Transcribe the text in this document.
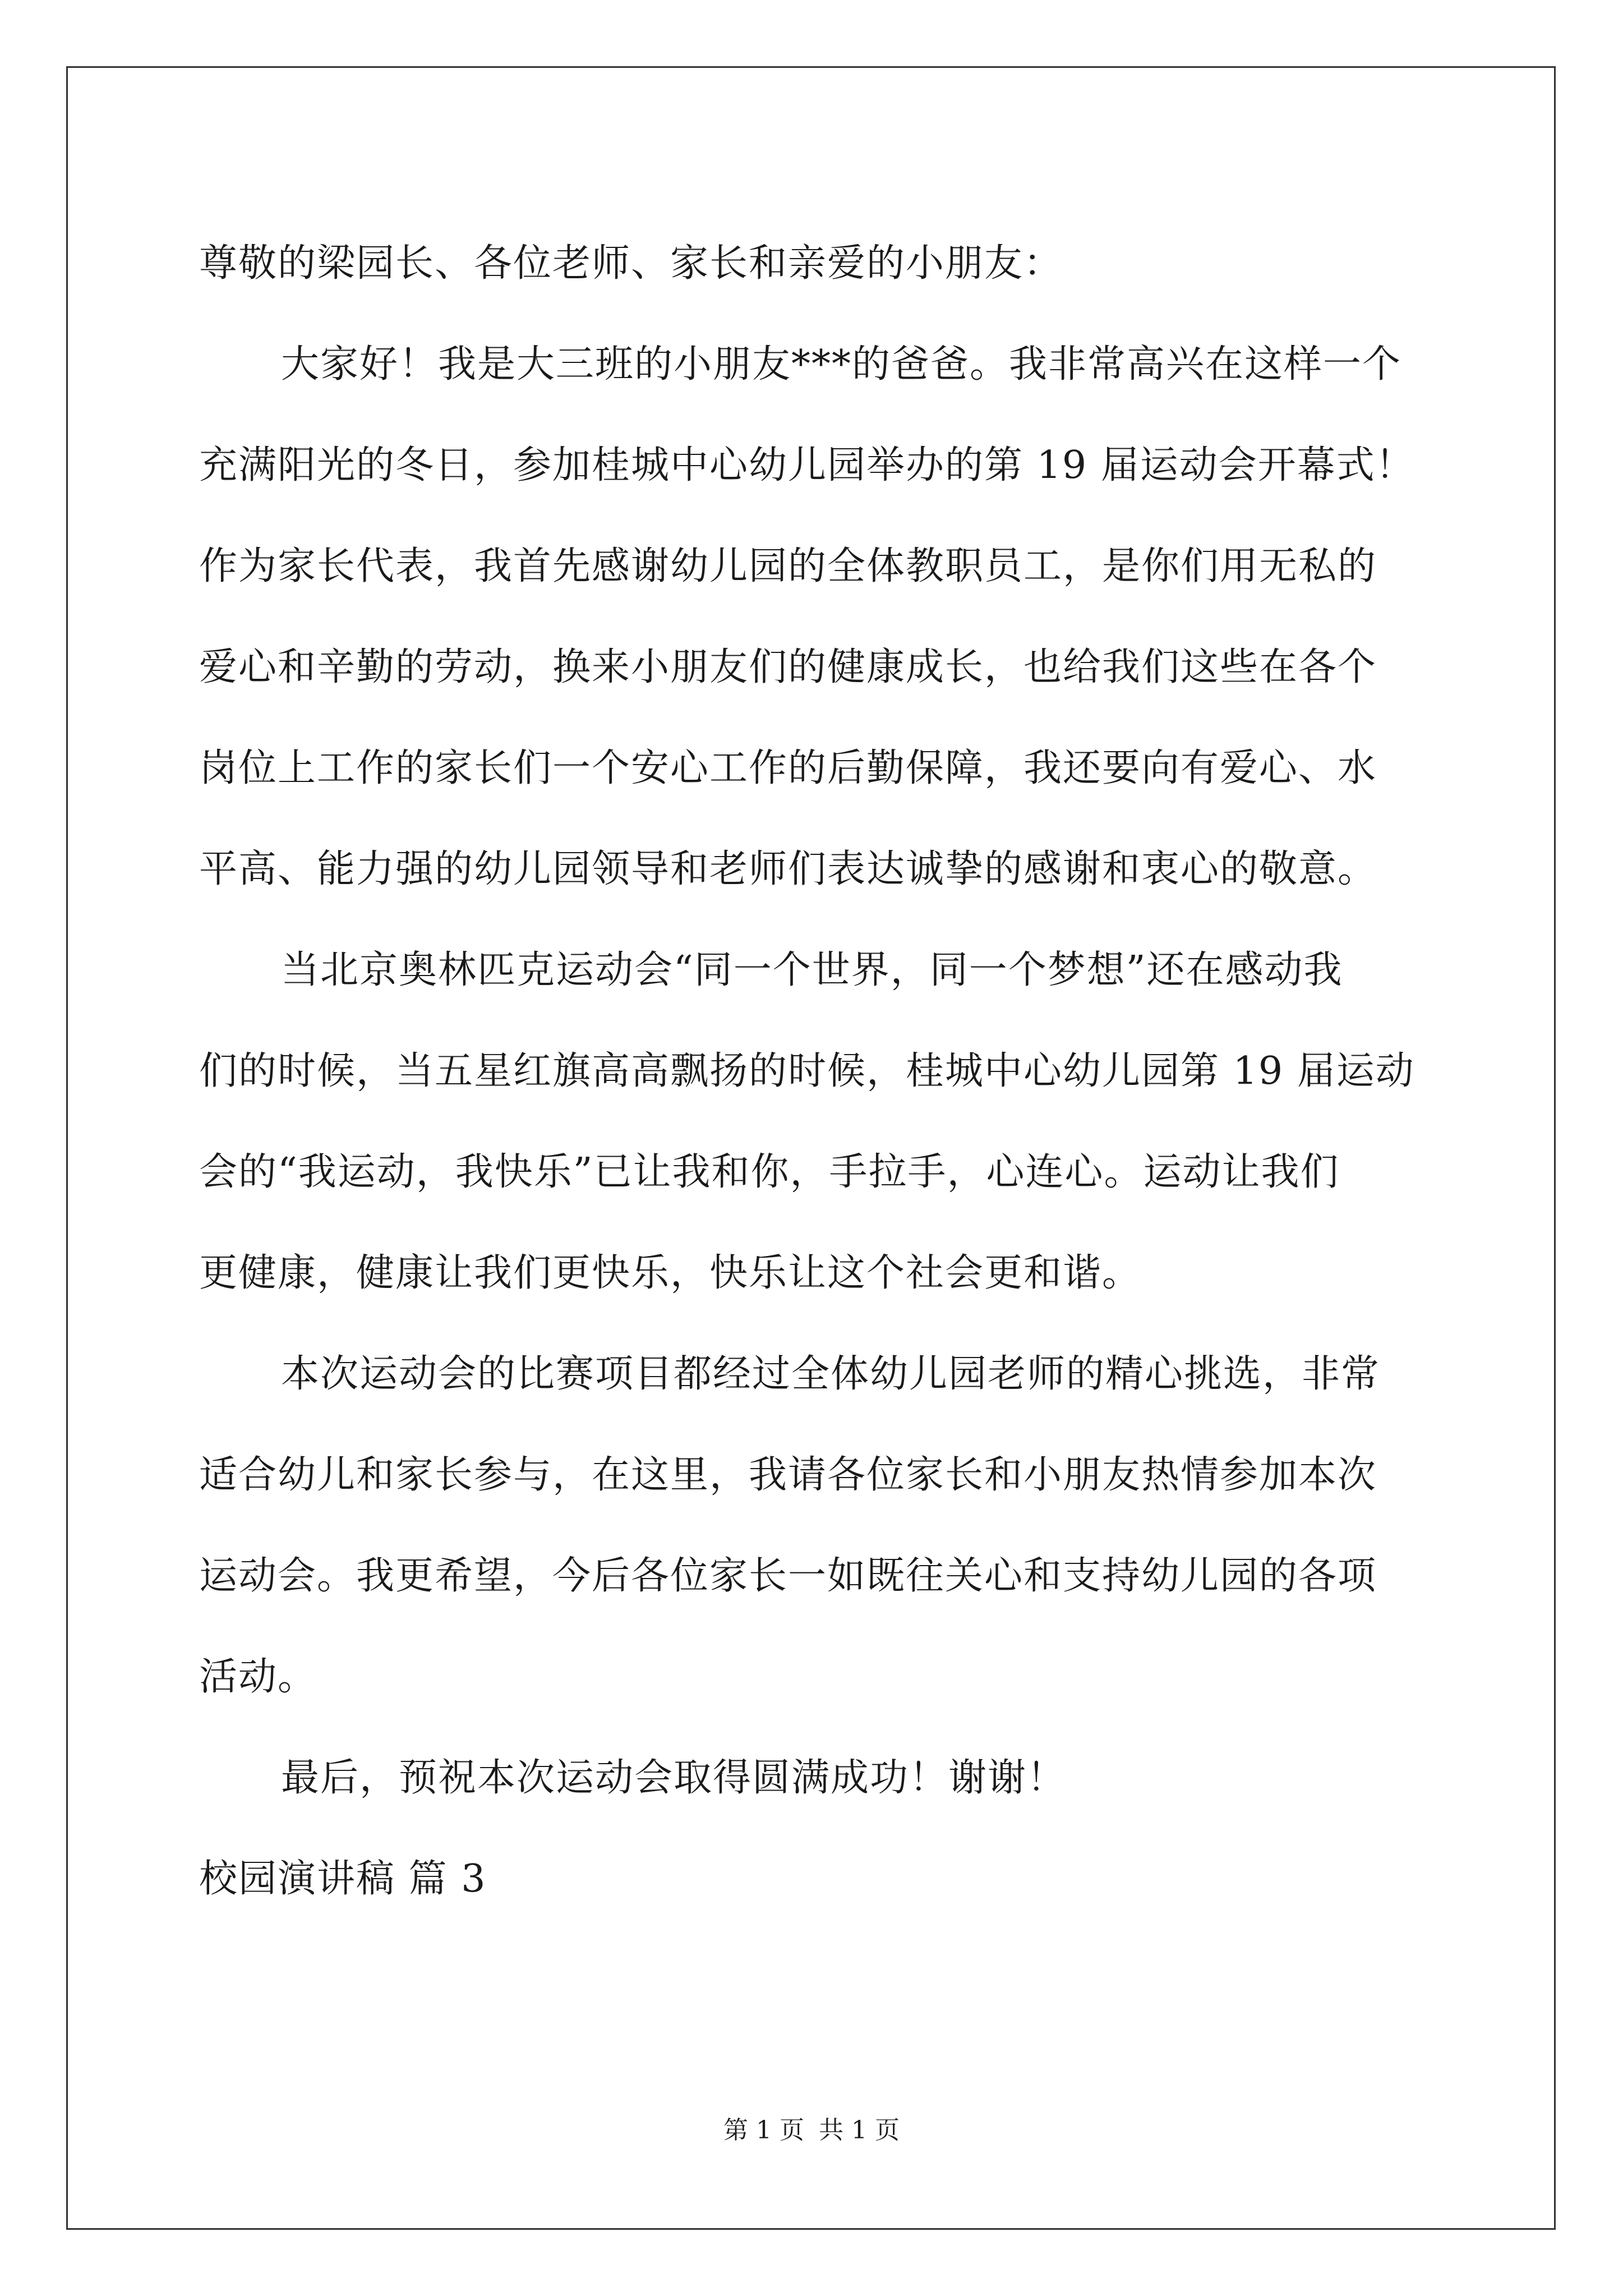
尊敬的梁园长、各位老师、家长和亲爱的小朋友：
大家好！我是大三班的小朋友***的爸爸。我非常高兴在这样一个
充满阳光的冬日，参加桂城中心幼儿园举办的第 19 届运动会开幕式！
作为家长代表，我首先感谢幼儿园的全体教职员工，是你们用无私的
爱心和辛勤的劳动，换来小朋友们的健康成长，也给我们这些在各个
岗位上工作的家长们一个安心工作的后勤保障，我还要向有爱心、水
平高、能力强的幼儿园领导和老师们表达诚挚的感谢和衷心的敬意。
当北京奥林匹克运动会“同一个世界，同一个梦想”还在感动我
们的时候，当五星红旗高高飘扬的时候，桂城中心幼儿园第 19 届运动
会的“我运动，我快乐”已让我和你，手拉手，心连心。运动让我们
更健康，健康让我们更快乐，快乐让这个社会更和谐。
本次运动会的比赛项目都经过全体幼儿园老师的精心挑选，非常
适合幼儿和家长参与，在这里，我请各位家长和小朋友热情参加本次
运动会。我更希望，今后各位家长一如既往关心和支持幼儿园的各项
活动。
最后，预祝本次运动会取得圆满成功！谢谢！
校园演讲稿 篇 3
第 1 页 共 1 页
